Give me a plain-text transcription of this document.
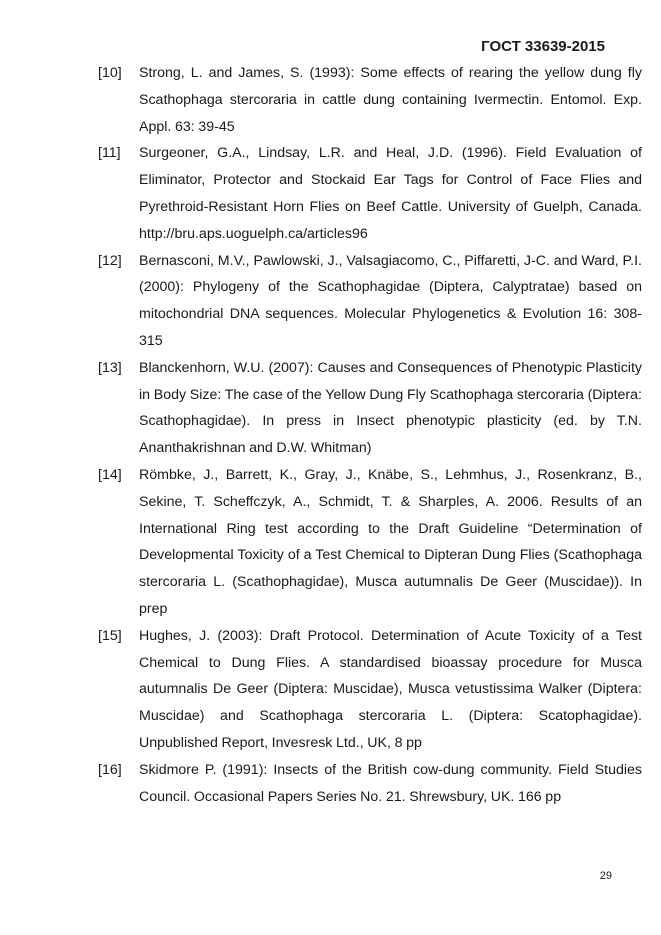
ГОСТ 33639-2015
[10]	Strong, L. and James, S. (1993): Some effects of rearing the yellow dung fly Scathophaga stercoraria in cattle dung containing Ivermectin. Entomol. Exp. Appl. 63: 39-45
[11]	Surgeoner, G.A., Lindsay, L.R. and Heal, J.D. (1996). Field Evaluation of Eliminator, Protector and Stockaid Ear Tags for Control of Face Flies and Pyrethroid-Resistant Horn Flies on Beef Cattle. University of Guelph, Canada. http://bru.aps.uoguelph.ca/articles96
[12]	Bernasconi, M.V., Pawlowski, J., Valsagiacomo, C., Piffaretti, J-C. and Ward, P.I. (2000): Phylogeny of the Scathophagidae (Diptera, Calyptratae) based on mitochondrial DNA sequences. Molecular Phylogenetics & Evolution 16: 308-315
[13]	Blanckenhorn, W.U. (2007): Causes and Consequences of Phenotypic Plasticity in Body Size: The case of the Yellow Dung Fly Scathophaga stercoraria (Diptera: Scathophagidae). In press in Insect phenotypic plasticity (ed. by T.N. Ananthakrishnan and D.W. Whitman)
[14]	Römbke, J., Barrett, K., Gray, J., Knäbe, S., Lehmhus, J., Rosenkranz, B., Sekine, T. Scheffczyk, A., Schmidt, T. & Sharples, A. 2006. Results of an International Ring test according to the Draft Guideline “Determination of Developmental Toxicity of a Test Chemical to Dipteran Dung Flies (Scathophaga stercoraria L. (Scathophagidae), Musca autumnalis De Geer (Muscidae)). In prep
[15]	Hughes, J. (2003): Draft Protocol. Determination of Acute Toxicity of a Test Chemical to Dung Flies. A standardised bioassay procedure for Musca autumnalis De Geer (Diptera: Muscidae), Musca vetustissima Walker (Diptera: Muscidae) and Scathophaga stercoraria L. (Diptera: Scatophagidae). Unpublished Report, Invesresk Ltd., UK, 8 pp
[16]	Skidmore P. (1991): Insects of the British cow-dung community. Field Studies Council. Occasional Papers Series No. 21. Shrewsbury, UK. 166 pp
29
